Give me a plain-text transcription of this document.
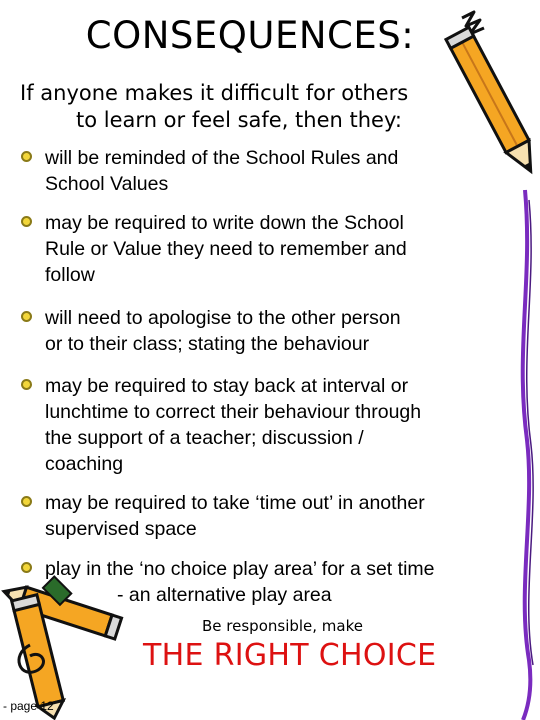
CONSEQUENCES:
If anyone makes it difficult for others
to learn or feel safe, then they:
will be reminded of the School Rules and
School Values
may be required to write down the School
Rule or Value they need to remember and
follow
will need to apologise to the other person
or to their class; stating the behaviour
may be required to stay back at interval or
lunchtime to correct their behaviour through
the support of a teacher; discussion /
coaching
may be required to take ‘time out’ in another
supervised space
play in the ‘no choice play area’ for a set time
- an alternative play area
Be responsible, make
THE RIGHT CHOICE
- page 12
